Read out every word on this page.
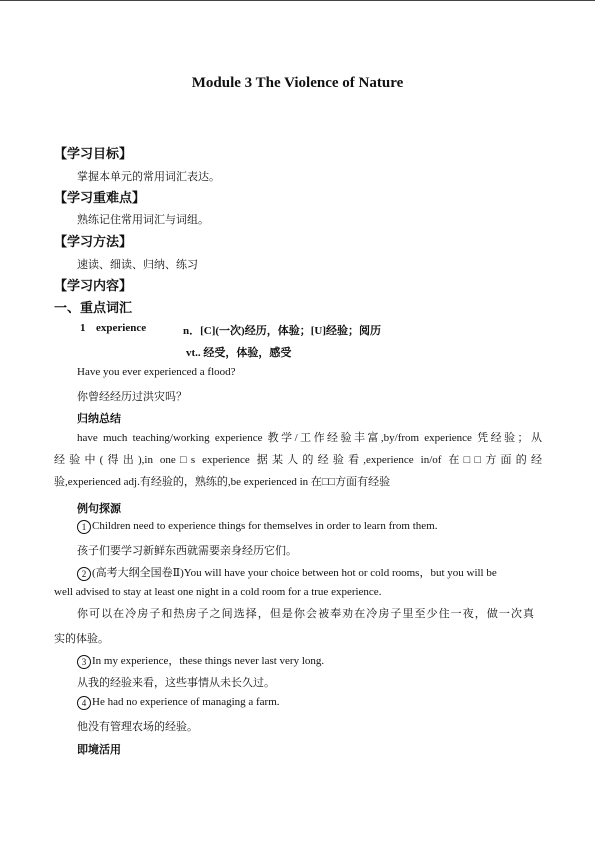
Module 3 The Violence of Nature
【学习目标】
掌握本单元的常用词汇表达。
【学习重难点】
熟练记住常用词汇与词组。
【学习方法】
速读、细读、归纳、练习
【学习内容】
一、重点词汇
1 experience	n．[C](一次)经历，体验；[U]经验；阅历
vt.. 经受，体验，感受
Have you ever experienced a flood?
你曾经经历过洪灾吗？
归纳总结
have much teaching/working experience 教学/工作经验丰富,by/from experience 凭经验；从
经验中(得出),in one□s experience 据某人的经验看,experience in/of 在□□方面的经
验,experienced adj.有经验的，熟练的,be experienced in 在□□方面有经验
例句探源
1 Children need to experience things for themselves in order to learn from them.
孩子们要学习新鲜东西就需要亲身经历它们。
2 (高考大纲全国卷Ⅱ)You will have your choice between hot or cold rooms，but you will be
well advised to stay at least one night in a cold room for a true experience.
你可以在冷房子和热房子之间选择，但是你会被奉劝在冷房子里至少住一夜，做一次真
实的体验。
3 In my experience，these things never last very long.
从我的经验来看，这些事情从未长久过。
4 He had no experience of managing a farm.
他没有管理农场的经验。
即境活用
